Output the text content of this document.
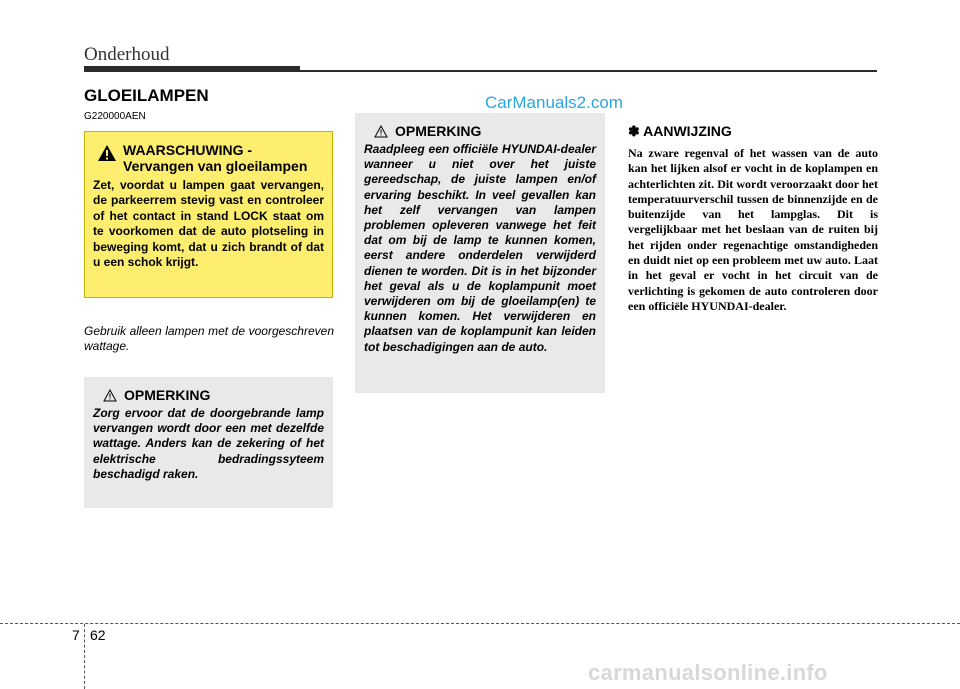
Onderhoud
GLOEILAMPEN	CarManuals2.com
G220000AEN
WAARSCHUWING -
Vervangen van gloeilampen
Zet, voordat u lampen gaat vervangen, de parkeerrem stevig vast en controleer of het contact in stand LOCK staat om te voorkomen dat de auto plotseling in beweging komt, dat u zich brandt of dat u een schok krijgt.
Gebruik alleen lampen met de voorgeschreven wattage.
OPMERKING
Zorg ervoor dat de doorgebrande lamp vervangen wordt door een met dezelfde wattage. Anders kan de zekering of het elektrische bedradingssyteem beschadigd raken.
OPMERKING
Raadpleeg een officiële HYUNDAI-dealer wanneer u niet over het juiste gereedschap, de juiste lampen en/of ervaring beschikt. In veel gevallen kan het zelf vervangen van lampen problemen opleveren vanwege het feit dat om bij de lamp te kunnen komen, eerst andere onderdelen verwijderd dienen te worden. Dit is in het bijzonder het geval als u de koplampunit moet verwijderen om bij de gloeilamp(en) te kunnen komen. Het verwijderen en plaatsen van de koplampunit kan leiden tot beschadigingen aan de auto.
✽ AANWIJZING
Na zware regenval of het wassen van de auto kan het lijken alsof er vocht in de koplampen en achterlichten zit. Dit wordt veroorzaakt door het temperatuurverschil tussen de binnenzijde en de buitenzijde van het lampglas. Dit is vergelijkbaar met het beslaan van de ruiten bij het rijden onder regenachtige omstandigheden en duidt niet op een probleem met uw auto. Laat in het geval er vocht in het circuit van de verlichting is gekomen de auto controleren door een officiële HYUNDAI-dealer.
7 62
carmanualsonline.info
